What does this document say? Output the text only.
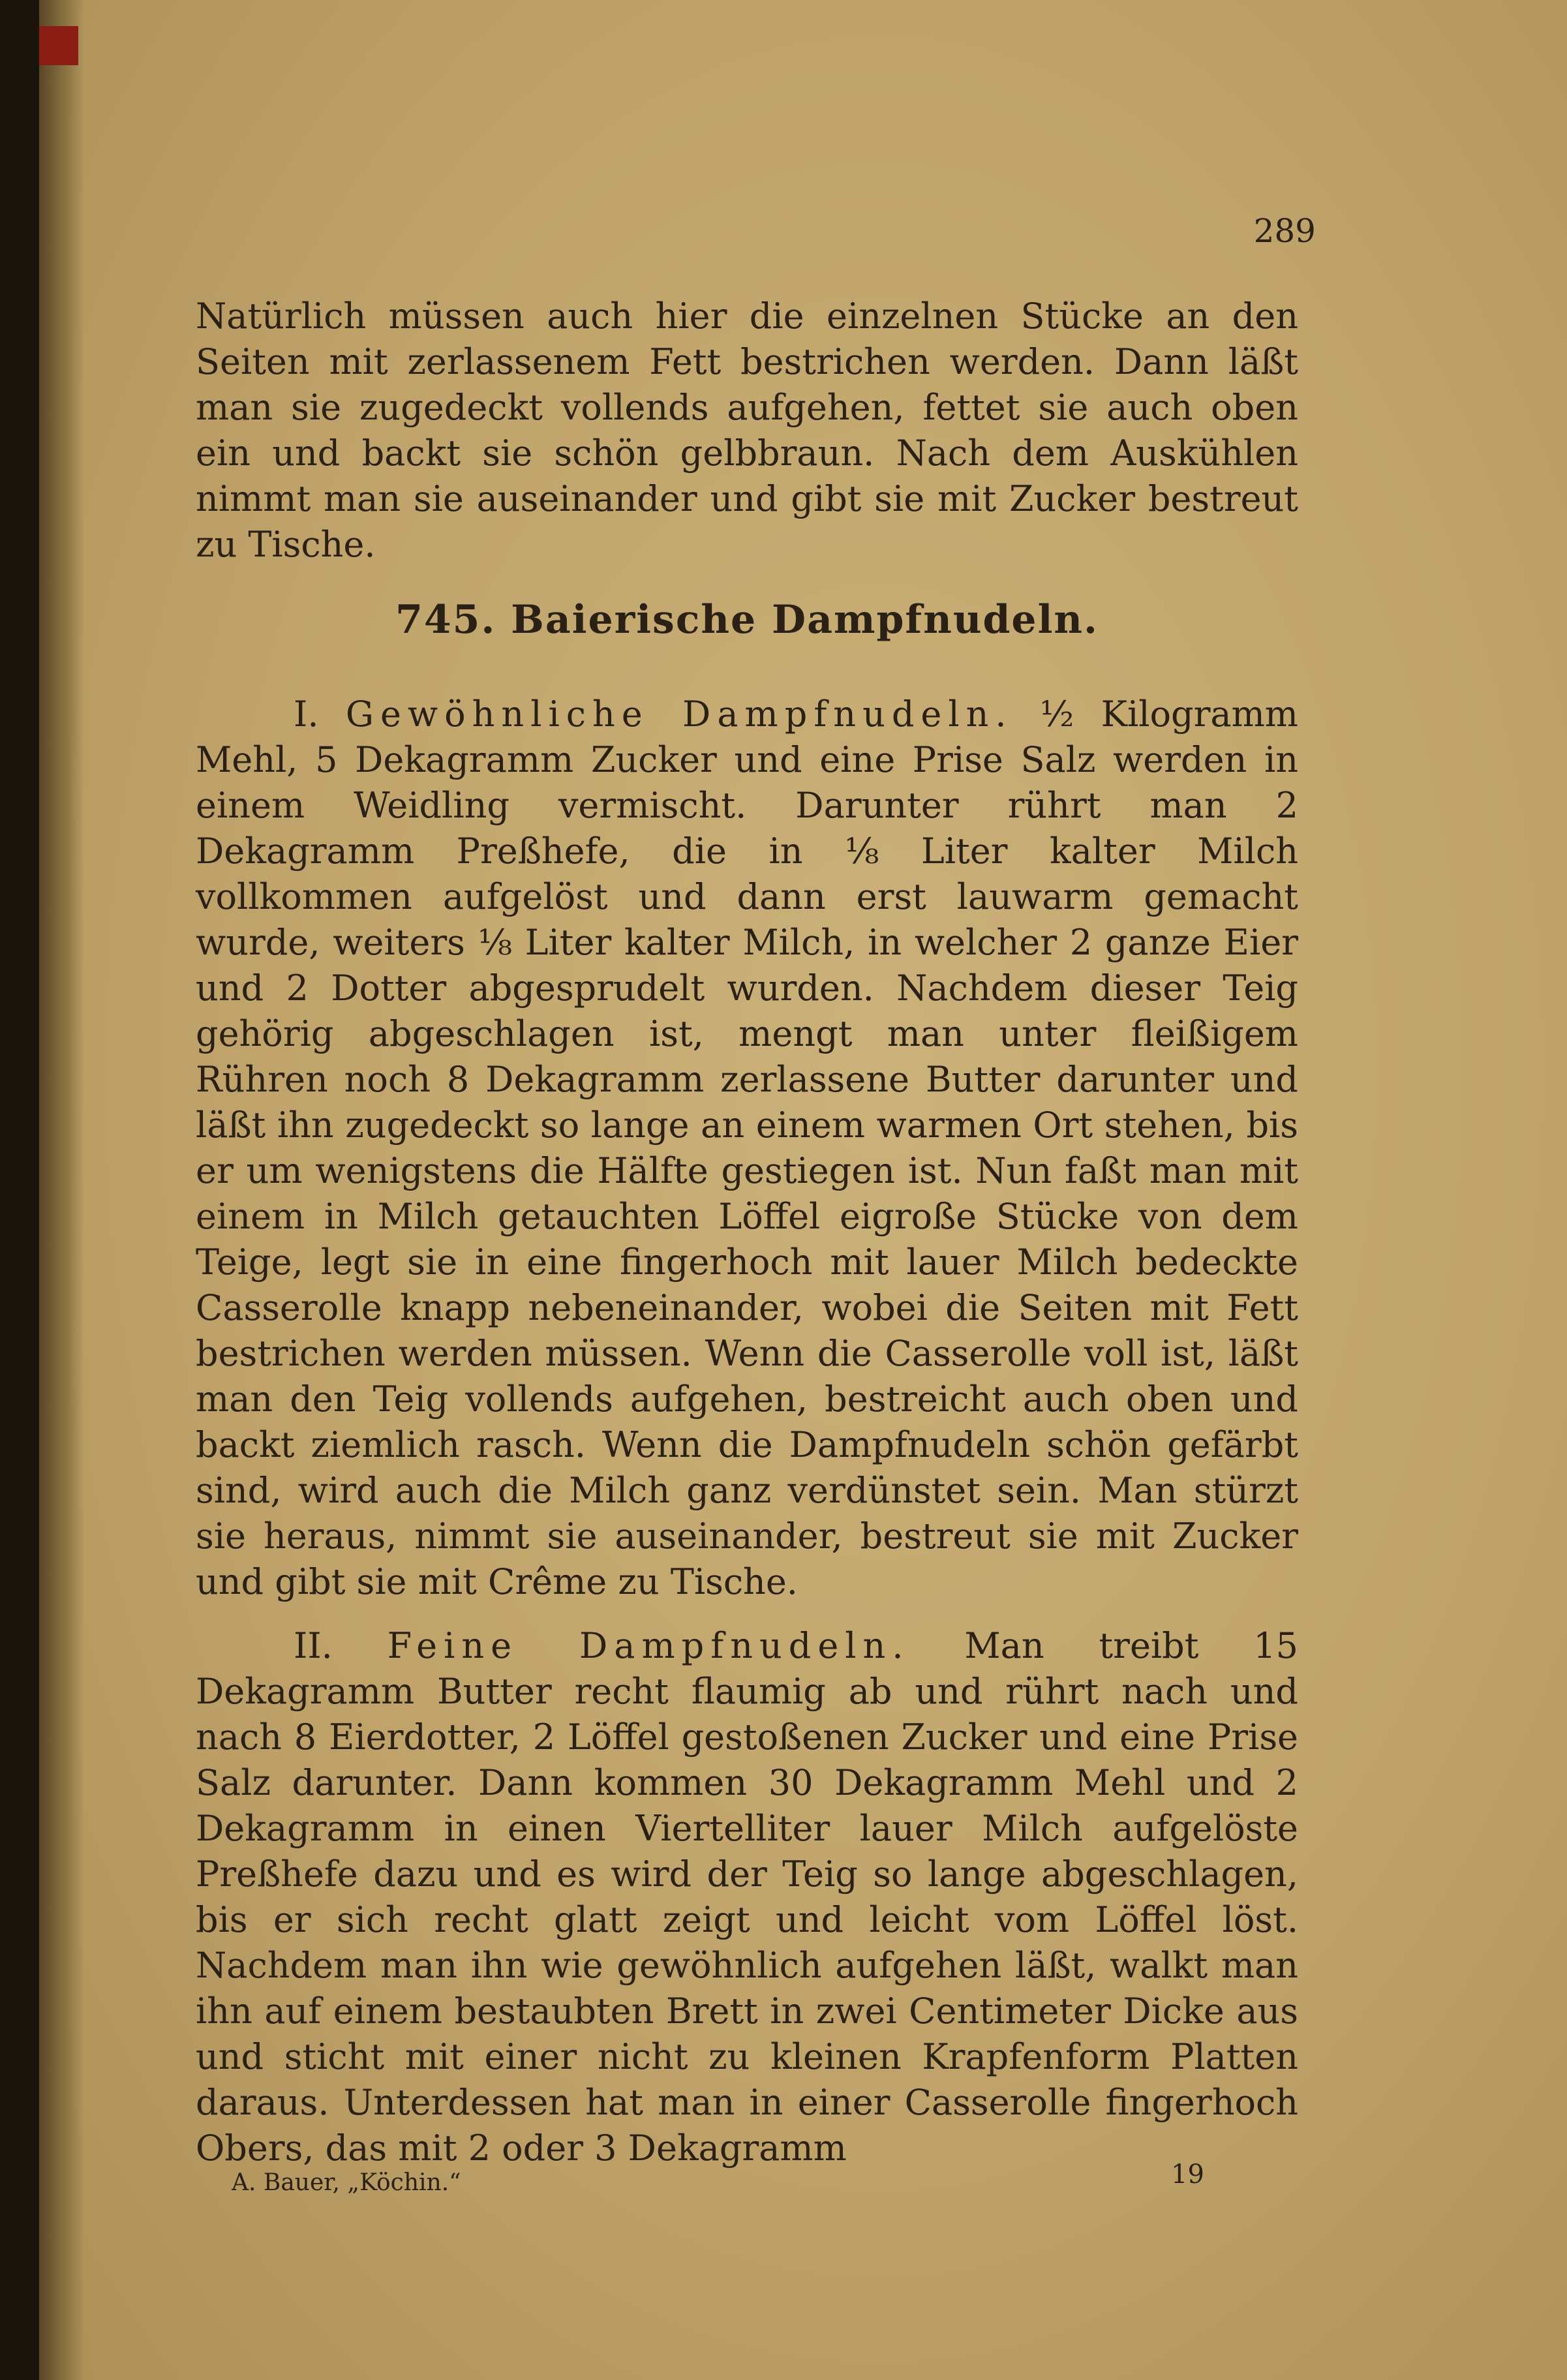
289
Natürlich müssen auch hier die einzelnen Stücke an den Seiten mit zerlassenem Fett bestrichen werden. Dann läßt man sie zugedeckt vollends aufgehen, fettet sie auch oben ein und backt sie schön gelbbraun. Nach dem Auskühlen nimmt man sie auseinander und gibt sie mit Zucker bestreut zu Tische.
745. Baierische Dampfnudeln.

I. Gewöhnliche Dampfnudeln. ½ Kilogramm Mehl, 5 Dekagramm Zucker und eine Prise Salz werden in einem Weidling vermischt. Darunter rührt man 2 Dekagramm Preßhefe, die in ⅛ Liter kalter Milch vollkommen aufgelöst und dann erst lauwarm gemacht wurde, weiters ⅛ Liter kalter Milch, in welcher 2 ganze Eier und 2 Dotter abgesprudelt wurden. Nachdem dieser Teig gehörig abgeschlagen ist, mengt man unter fleißigem Rühren noch 8 Dekagramm zerlassene Butter darunter und läßt ihn zugedeckt so lange an einem warmen Ort stehen, bis er um wenigstens die Hälfte gestiegen ist. Nun faßt man mit einem in Milch getauchten Löffel eigroße Stücke von dem Teige, legt sie in eine fingerhoch mit lauer Milch bedeckte Casserolle knapp nebeneinander, wobei die Seiten mit Fett bestrichen werden müssen. Wenn die Casserolle voll ist, läßt man den Teig vollends aufgehen, bestreicht auch oben und backt ziemlich rasch. Wenn die Dampfnudeln schön gefärbt sind, wird auch die Milch ganz verdünstet sein. Man stürzt sie heraus, nimmt sie auseinander, bestreut sie mit Zucker und gibt sie mit Crême zu Tische.

II. Feine Dampfnudeln. Man treibt 15 Dekagramm Butter recht flaumig ab und rührt nach und nach 8 Eierdotter, 2 Löffel gestoßenen Zucker und eine Prise Salz darunter. Dann kommen 30 Dekagramm Mehl und 2 Dekagramm in einen Viertelliter lauer Milch aufgelöste Preßhefe dazu und es wird der Teig so lange abgeschlagen, bis er sich recht glatt zeigt und leicht vom Löffel löst. Nachdem man ihn wie gewöhnlich aufgehen läßt, walkt man ihn auf einem bestaubten Brett in zwei Centimeter Dicke aus und sticht mit einer nicht zu kleinen Krapfenform Platten daraus. Unterdessen hat man in einer Casserolle fingerhoch Obers, das mit 2 oder 3 Dekagramm

A. Bauer, „Köchin.“	19
